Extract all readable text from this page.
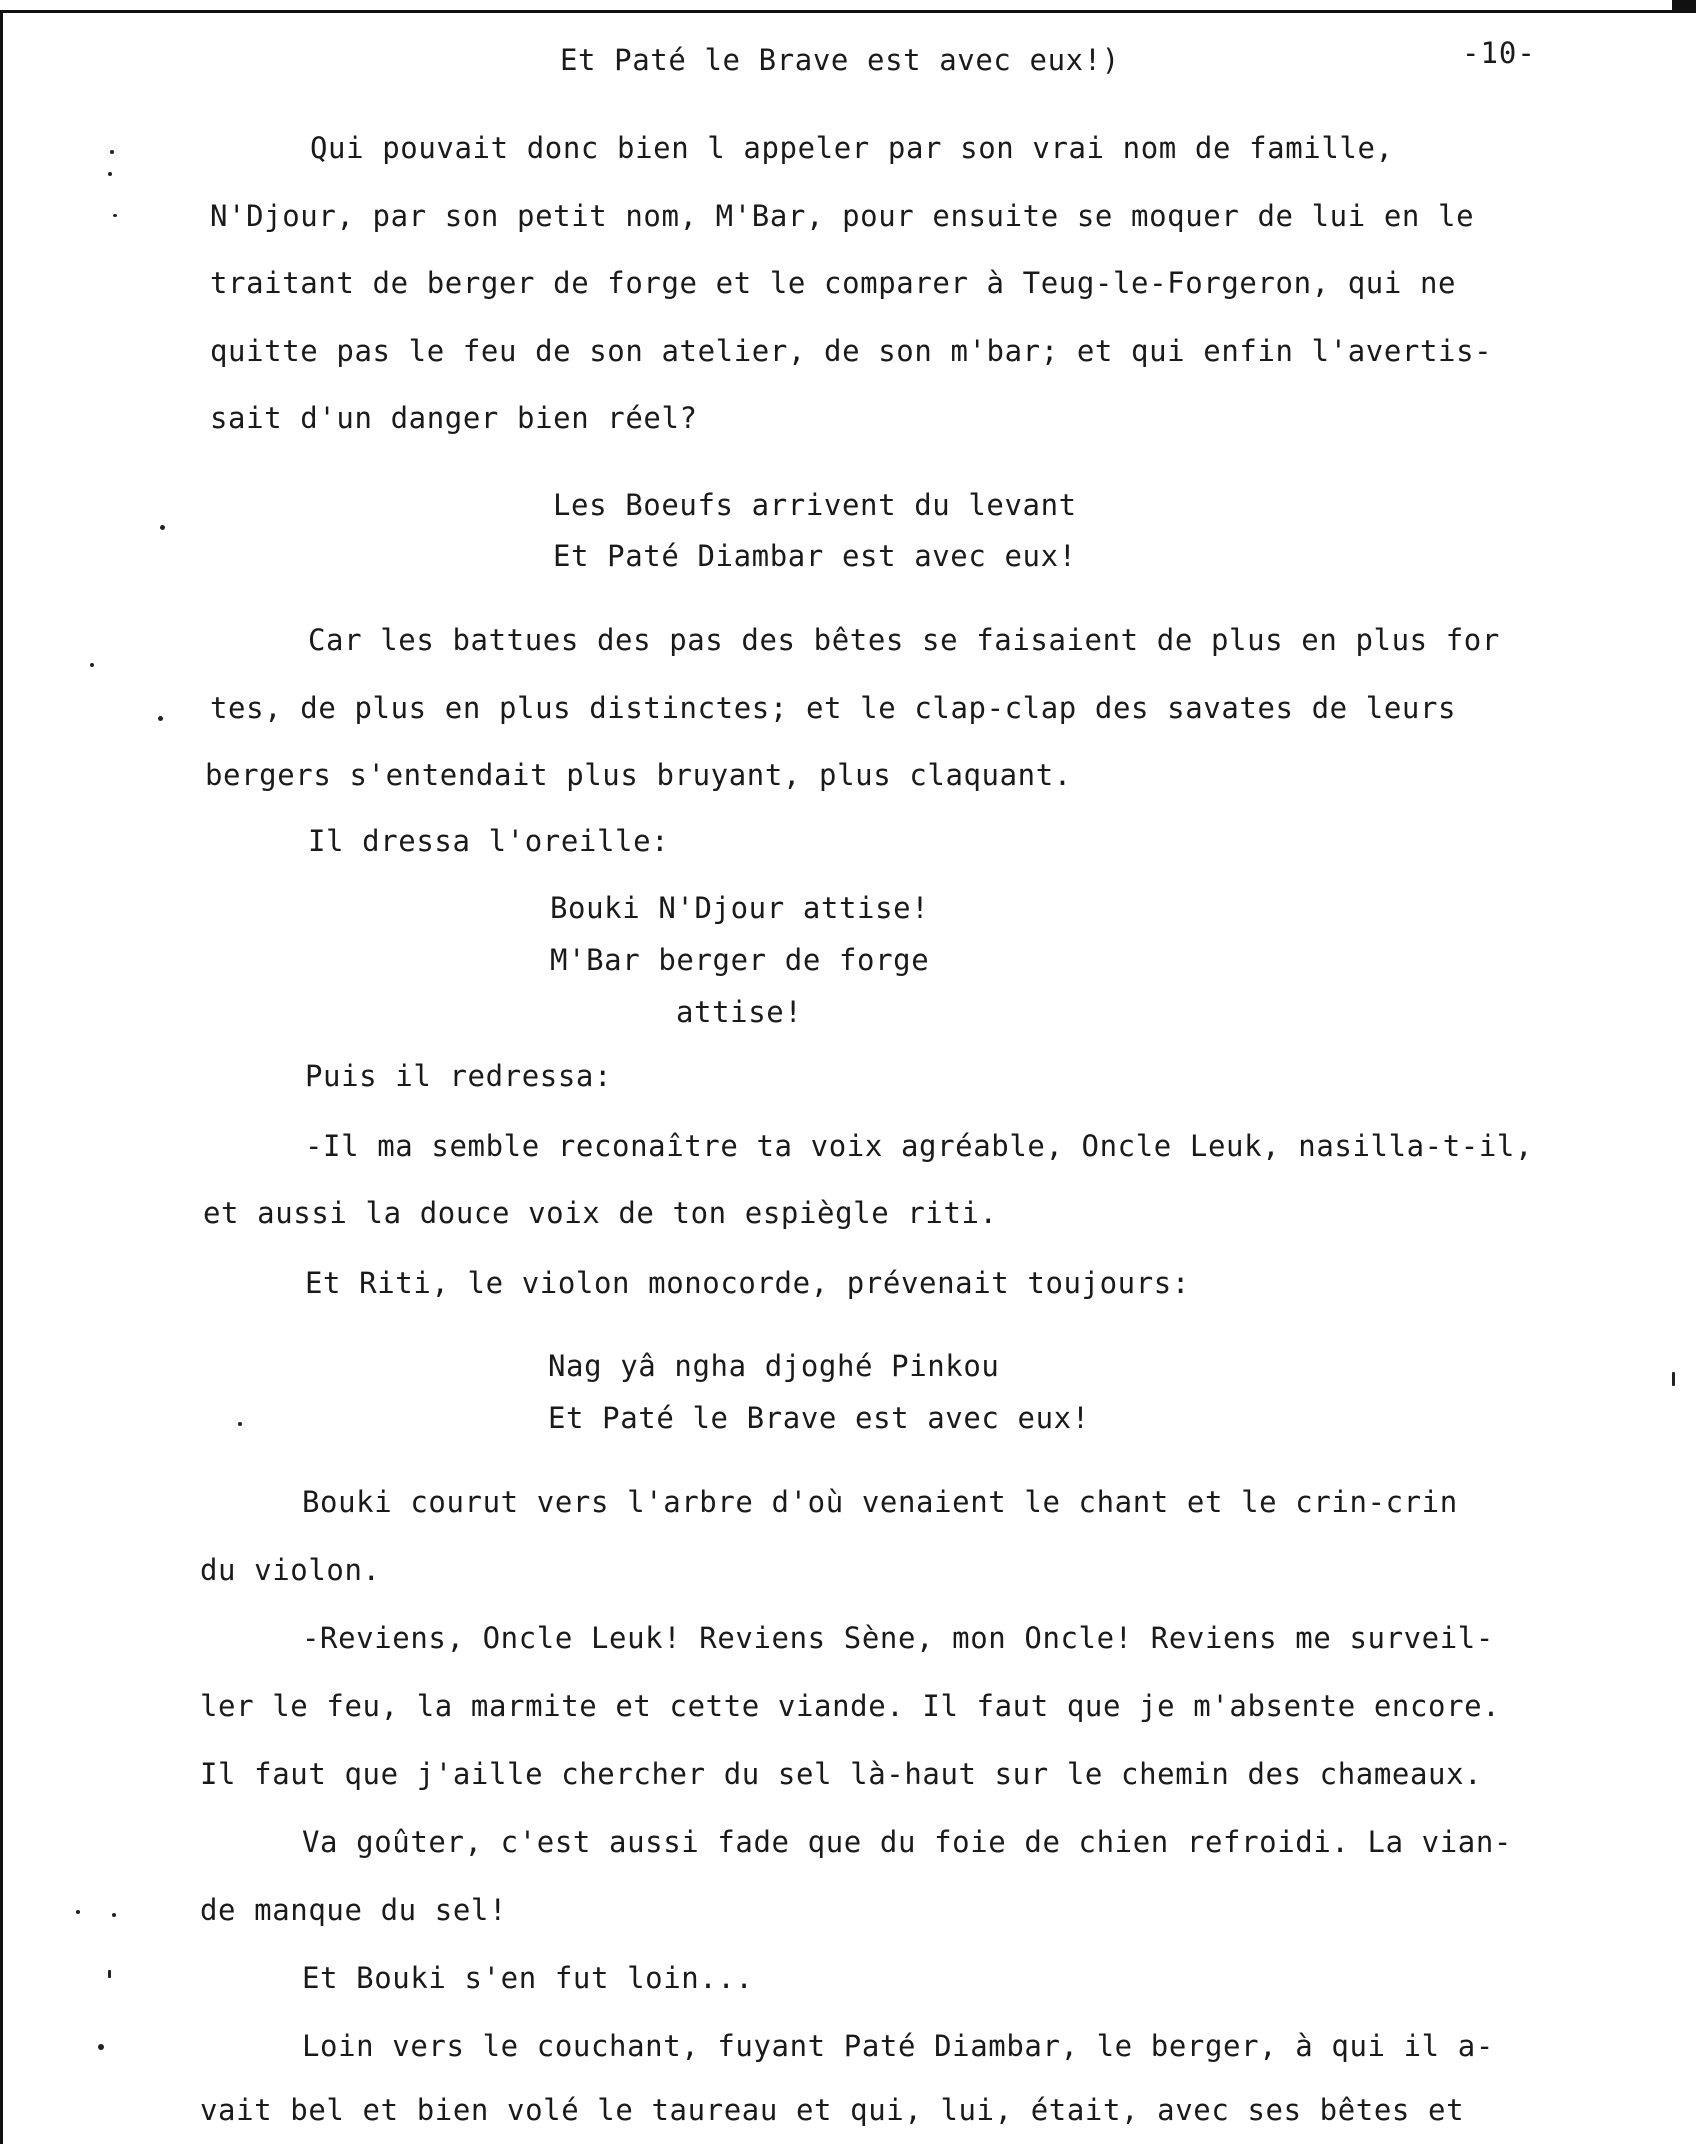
-10-
Et Paté le Brave est avec eux!)
Qui pouvait donc bien l appeler par son vrai nom de famille,
N'Djour, par son petit nom, M'Bar, pour ensuite se moquer de lui en le
traitant de berger de forge et le comparer à Teug-le-Forgeron, qui ne
quitte pas le feu de son atelier, de son m'bar; et qui enfin l'avertis-
sait d'un danger bien réel?
Les Boeufs arrivent du levant
Et Paté Diambar est avec eux!
Car les battues des pas des bêtes se faisaient de plus en plus for
tes, de plus en plus distinctes; et le clap-clap des savates de leurs
bergers s'entendait plus bruyant, plus claquant.
Il dressa l'oreille:
Bouki N'Djour attise!
M'Bar berger de forge
attise!
Puis il redressa:
-Il ma semble reconaître ta voix agréable, Oncle Leuk, nasilla-t-il,
et aussi la douce voix de ton espiègle riti.
Et Riti, le violon monocorde, prévenait toujours:
Nag yâ ngha djoghé Pinkou
Et Paté le Brave est avec eux!
Bouki courut vers l'arbre d'où venaient le chant et le crin-crin
du violon.
-Reviens, Oncle Leuk! Reviens Sène, mon Oncle! Reviens me surveil-
ler le feu, la marmite et cette viande. Il faut que je m'absente encore.
Il faut que j'aille chercher du sel là-haut sur le chemin des chameaux.
Va goûter, c'est aussi fade que du foie de chien refroidi. La vian-
de manque du sel!
Et Bouki s'en fut loin...
Loin vers le couchant, fuyant Paté Diambar, le berger, à qui il a-
vait bel et bien volé le taureau et qui, lui, était, avec ses bêtes et
